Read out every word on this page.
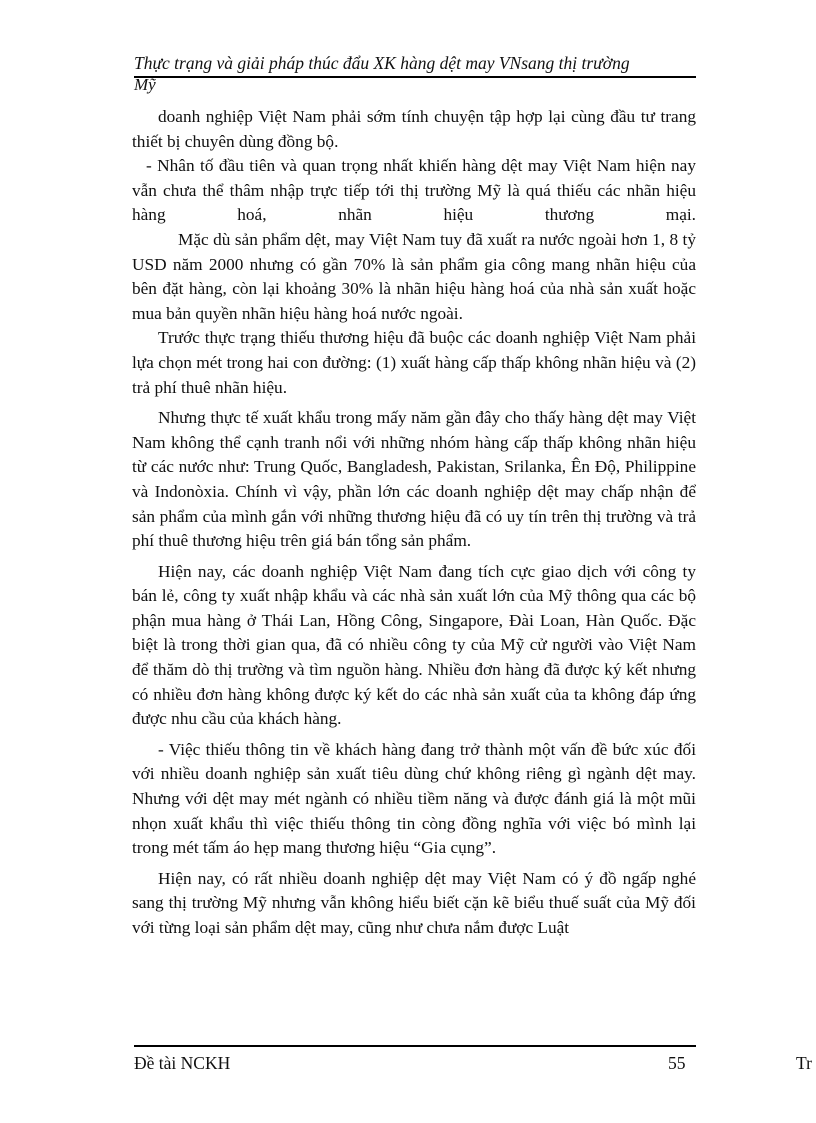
Thực trạng và giải pháp thúc đẩu XK hàng dệt may VNsang thị trường
Mỹ

doanh nghiệp Việt Nam phải sớm tính chuyện tập hợp lại cùng đầu tư trang thiết bị chuyên dùng đồng bộ.

- Nhân tố đầu tiên và quan trọng nhất khiến hàng dệt may Việt Nam hiện nay vẫn chưa thể thâm nhập trực tiếp tới thị trường Mỹ là quá thiếu các nhãn hiệu hàng hoá, nhãn hiệu thương mại.

Mặc dù sản phẩm dệt, may Việt Nam tuy đã xuất ra nước ngoài hơn 1, 8 tỷ USD năm 2000 nhưng có gần 70% là sản phẩm gia công mang nhãn hiệu của bên đặt hàng, còn lại khoảng 30% là nhãn hiệu hàng hoá của nhà sản xuất hoặc mua bản quyền nhãn hiệu hàng hoá nước ngoài.

Trước thực trạng thiếu thương hiệu đã buộc các doanh nghiệp Việt Nam phải lựa chọn mét trong hai con đường: (1) xuất hàng cấp thấp không nhãn hiệu và (2) trả phí thuê nhãn hiệu.

Nhưng thực tế xuất khẩu trong mấy năm gần đây cho thấy hàng dệt may Việt Nam không thể cạnh tranh nổi với những nhóm hàng cấp thấp không nhãn hiệu từ các nước như: Trung Quốc, Bangladesh, Pakistan, Srilanka, Ên Độ, Philippine và Indonòxia. Chính vì vậy, phần lớn các doanh nghiệp dệt may chấp nhận để sản phẩm của mình gắn với những thương hiệu đã có uy tín trên thị trường và trả phí thuê thương hiệu trên giá bán tổng sản phẩm.

Hiện nay, các doanh nghiệp Việt Nam đang tích cực giao dịch với công ty bán lẻ, công ty xuất nhập khẩu và các nhà sản xuất lớn của Mỹ thông qua các bộ phận mua hàng ở Thái Lan, Hồng Công, Singapore, Đài Loan, Hàn Quốc. Đặc biệt là trong thời gian qua, đã có nhiều công ty của Mỹ cử người vào Việt Nam để thăm dò thị trường và tìm nguồn hàng. Nhiều đơn hàng đã được ký kết nhưng có nhiều đơn hàng không được ký kết do các nhà sản xuất của ta không đáp ứng được nhu cầu của khách hàng.

- Việc thiếu thông tin về khách hàng đang trở thành một vấn đề bức xúc đối với nhiều doanh nghiệp sản xuất tiêu dùng chứ không riêng gì ngành dệt may. Nhưng với dệt may mét ngành có nhiều tiềm năng và được đánh giá là một mũi nhọn xuất khẩu thì việc thiếu thông tin còng đồng nghĩa với việc bó mình lại trong mét tấm áo hẹp mang thương hiệu “Gia cụng”.

Hiện nay, có rất nhiều doanh nghiệp dệt may Việt Nam có ý đồ ngấp nghé sang thị trường Mỹ nhưng vẫn không hiểu biết cặn kẽ biểu thuế suất của Mỹ đối với từng loại sản phẩm dệt may, cũng như chưa nắm được Luật

Đề tài NCKH	55	Tr
